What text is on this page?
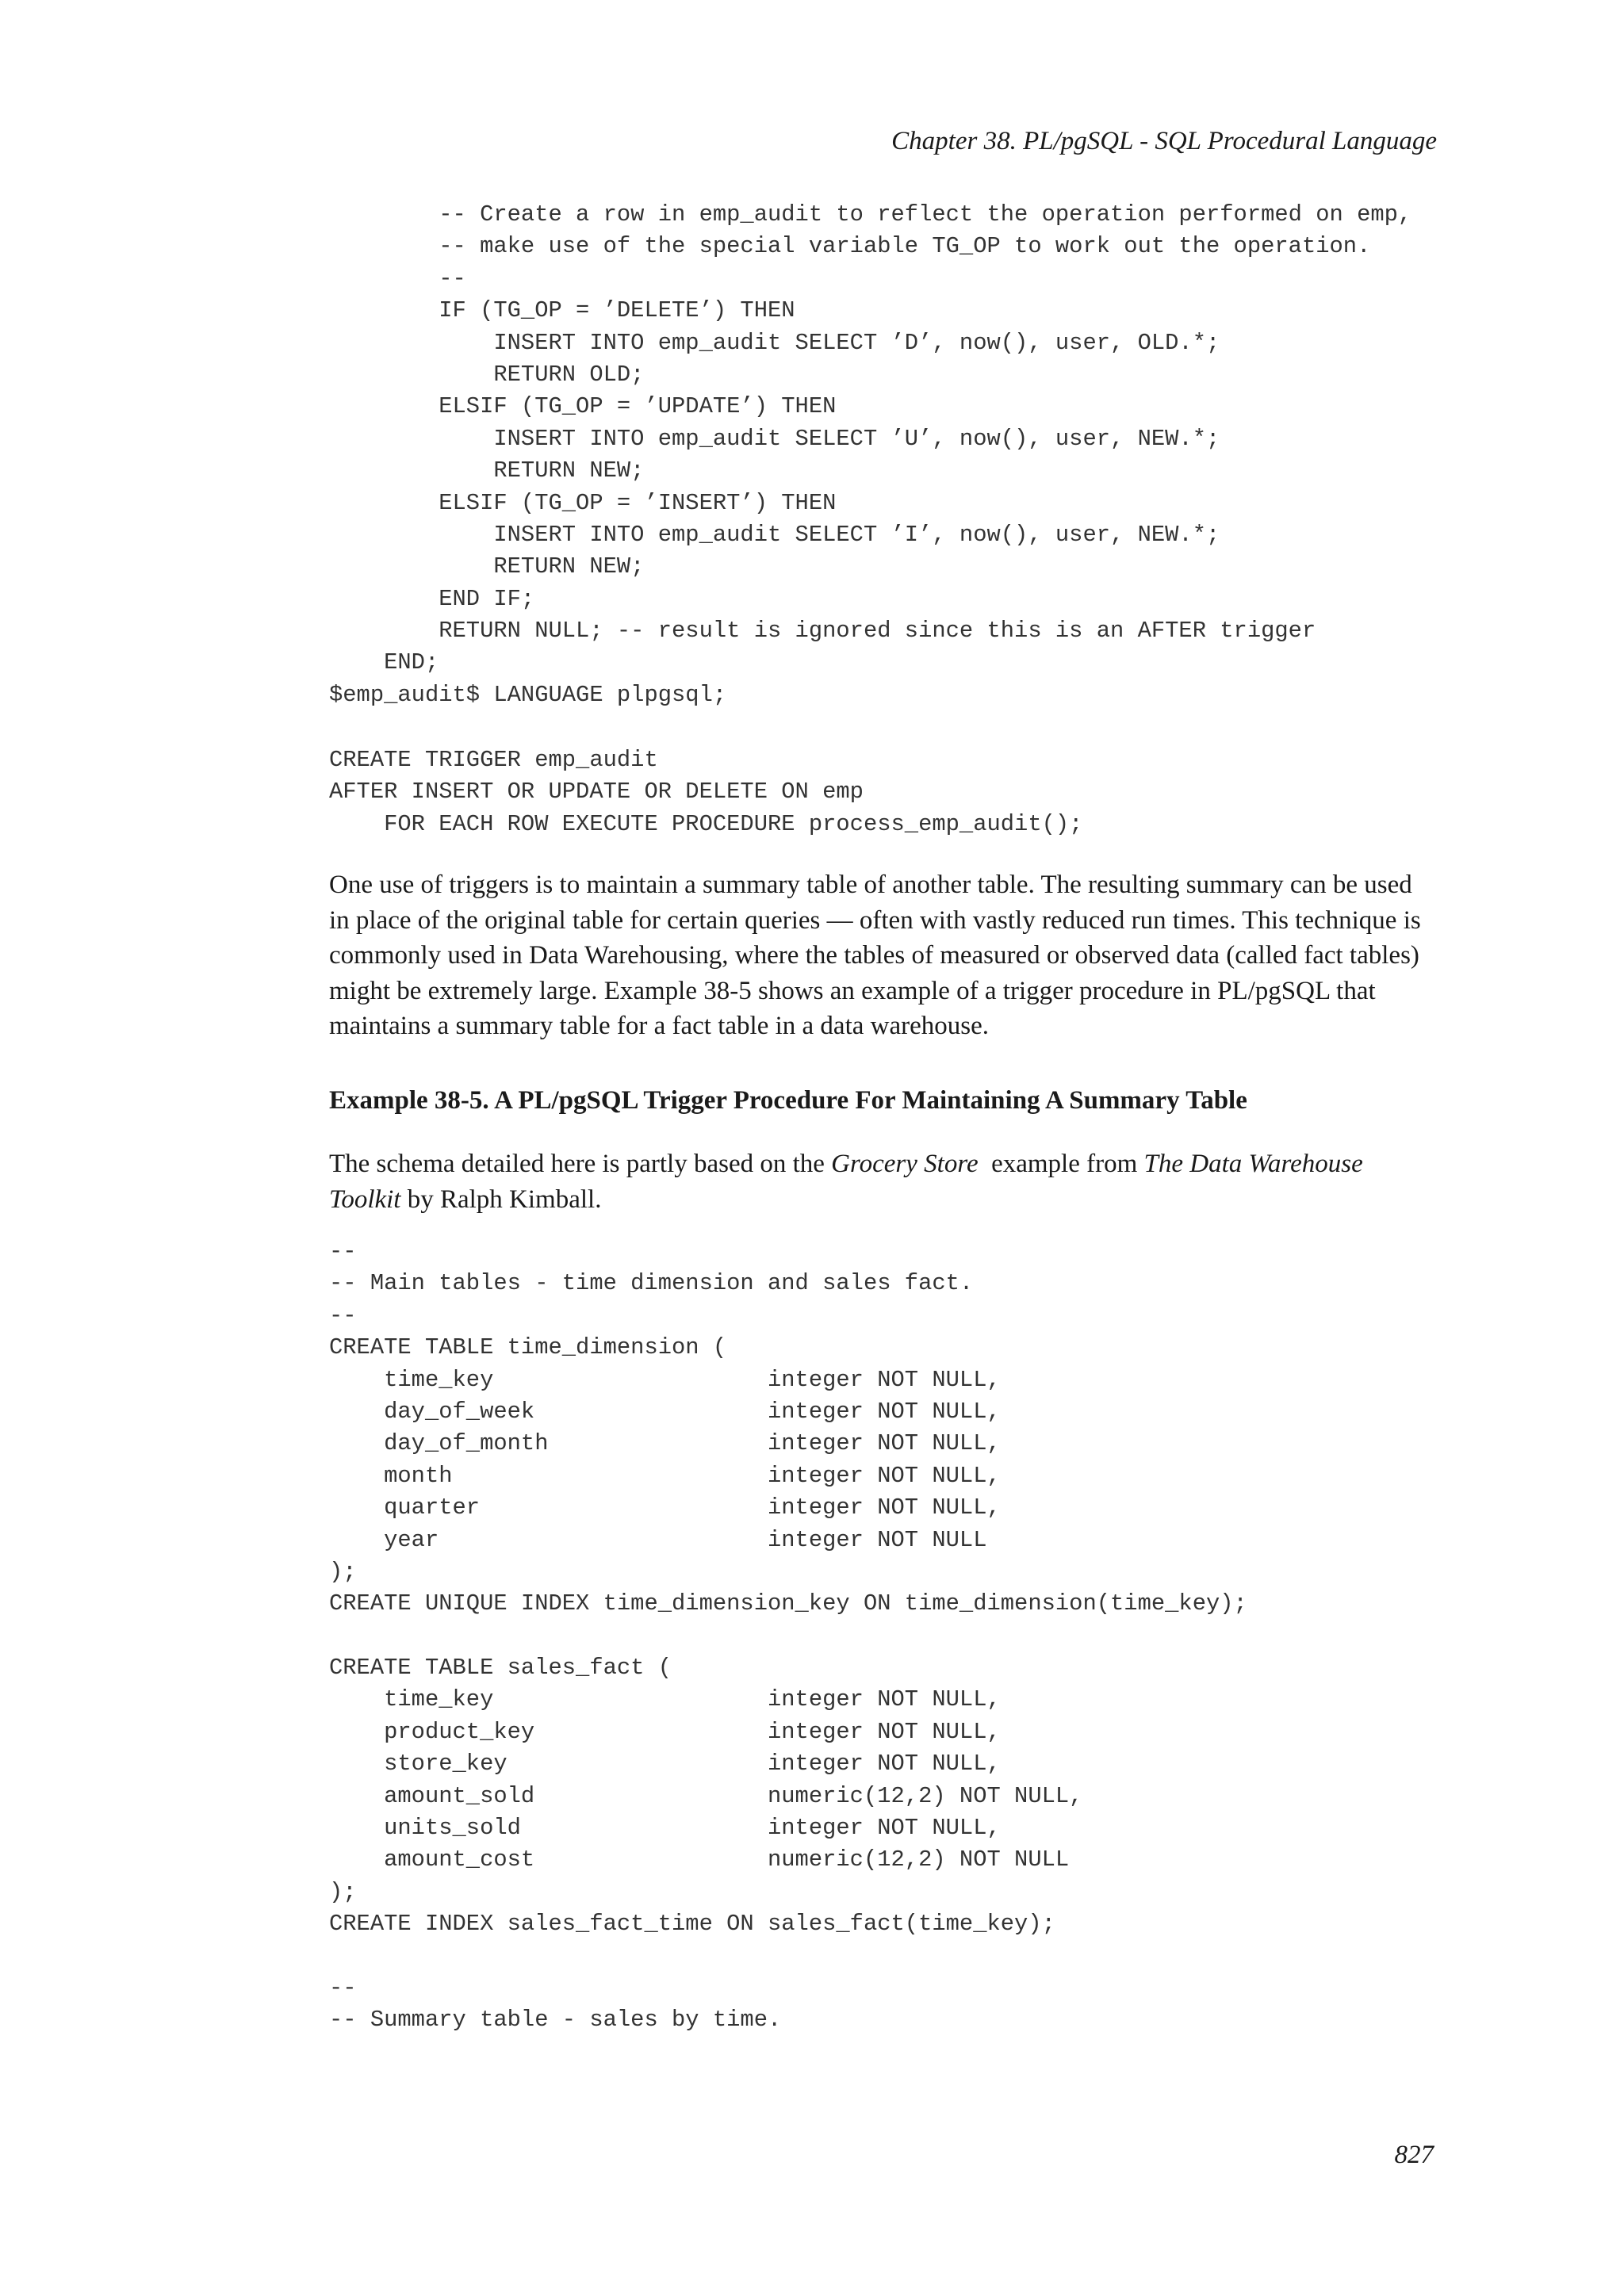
Chapter 38. PL/pgSQL - SQL Procedural Language
-- Create a row in emp_audit to reflect the operation performed on emp,
-- make use of the special variable TG_OP to work out the operation.
--
IF (TG_OP = ’DELETE’) THEN
INSERT INTO emp_audit SELECT ’D’, now(), user, OLD.*;
RETURN OLD;
ELSIF (TG_OP = ’UPDATE’) THEN
INSERT INTO emp_audit SELECT ’U’, now(), user, NEW.*;
RETURN NEW;
ELSIF (TG_OP = ’INSERT’) THEN
INSERT INTO emp_audit SELECT ’I’, now(), user, NEW.*;
RETURN NEW;
END IF;
RETURN NULL; -- result is ignored since this is an AFTER trigger
END;
$emp_audit$ LANGUAGE plpgsql;
CREATE TRIGGER emp_audit
AFTER INSERT OR UPDATE OR DELETE ON emp
FOR EACH ROW EXECUTE PROCEDURE process_emp_audit();

One use of triggers is to maintain a summary table of another table. The resulting summary can be used in place of the original table for certain queries — often with vastly reduced run times. This technique is commonly used in Data Warehousing, where the tables of measured or observed data (called fact tables) might be extremely large. Example 38-5 shows an example of a trigger procedure in PL/pgSQL that maintains a summary table for a fact table in a data warehouse.

Example 38-5. A PL/pgSQL Trigger Procedure For Maintaining A Summary Table

The schema detailed here is partly based on the Grocery Store  example from The Data Warehouse Toolkit by Ralph Kimball.

--
-- Main tables - time dimension and sales fact.
--
CREATE TABLE time_dimension (
time_key                    integer NOT NULL,
day_of_week                 integer NOT NULL,
day_of_month                integer NOT NULL,
month                       integer NOT NULL,
quarter                     integer NOT NULL,
year                        integer NOT NULL
);
CREATE UNIQUE INDEX time_dimension_key ON time_dimension(time_key);
CREATE TABLE sales_fact (
time_key                    integer NOT NULL,
product_key                 integer NOT NULL,
store_key                   integer NOT NULL,
amount_sold                 numeric(12,2) NOT NULL,
units_sold                  integer NOT NULL,
amount_cost                 numeric(12,2) NOT NULL
);
CREATE INDEX sales_fact_time ON sales_fact(time_key);
--
-- Summary table - sales by time.
827
